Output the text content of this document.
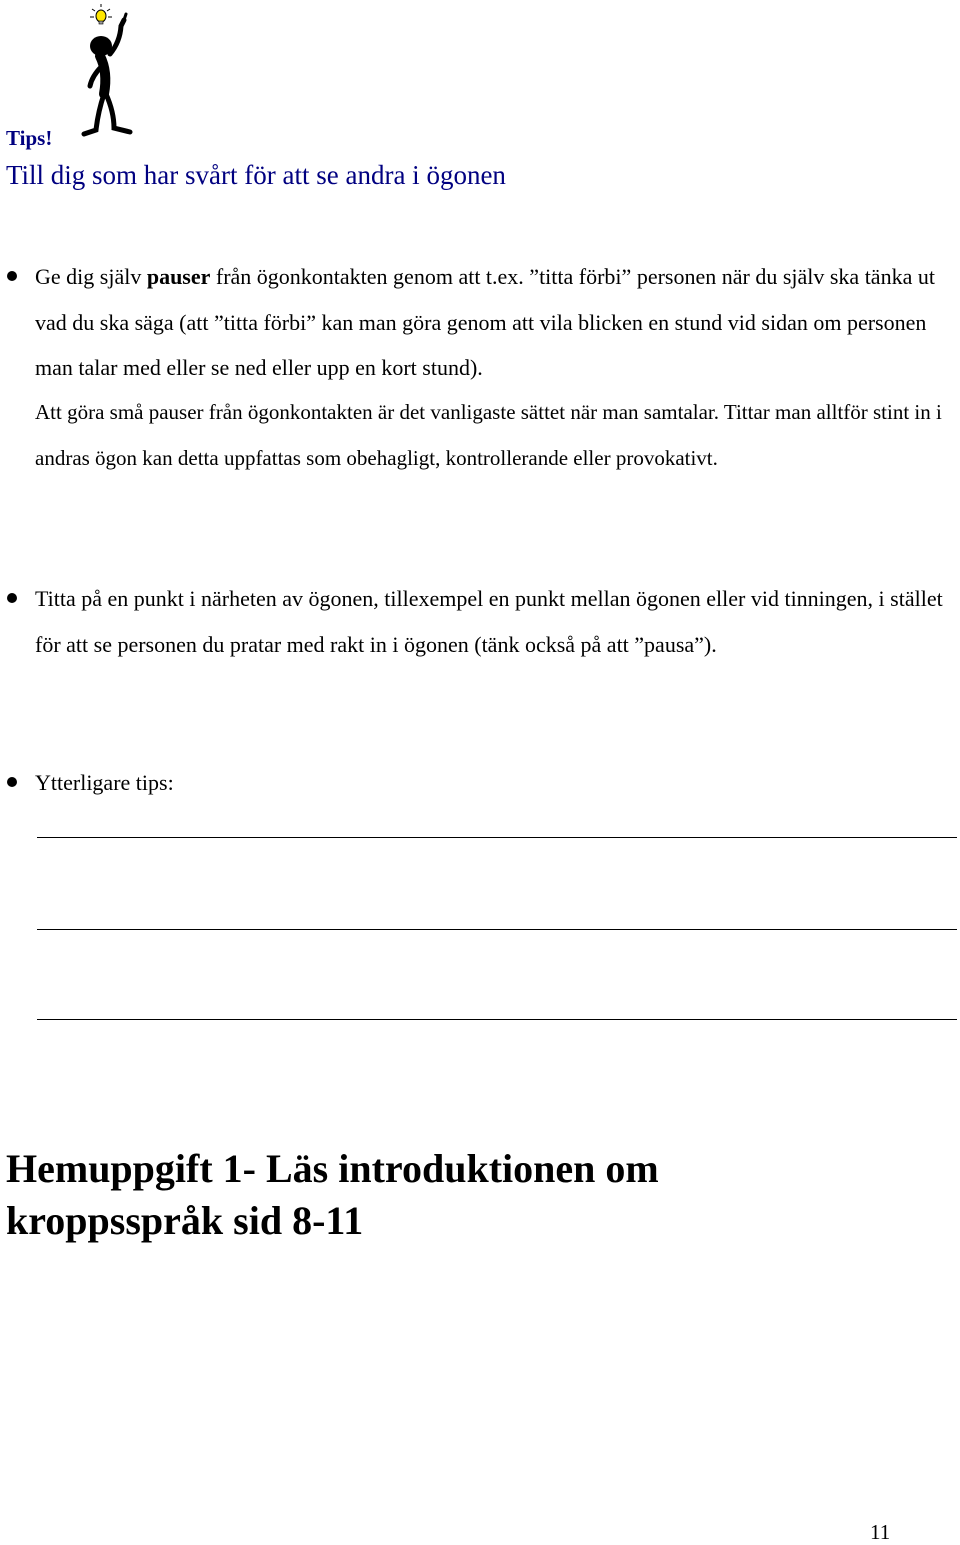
Tips!
Till dig som har svårt för att se andra i ögonen
Ge dig själv pauser från ögonkontakten genom att t.ex. ”titta förbi” personen när du själv ska tänka ut vad du ska säga (att ”titta förbi” kan man göra genom att vila blicken en stund vid sidan om personen man talar med eller se ned eller upp en kort stund).
Titta på en punkt i närheten av ögonen, tillexempel en punkt mellan ögonen eller vid tinningen, i stället för att se personen du pratar med rakt in i ögonen (tänk också på att ”pausa”).
Ytterligare tips:
Att göra små pauser från ögonkontakten är det vanligaste sättet när man samtalar. Tittar man alltför stint in i andras ögon kan detta uppfattas som obehagligt, kontrollerande eller provokativt.
Hemuppgift 1- Läs introduktionen om
kroppsspråk sid 8-11
11
